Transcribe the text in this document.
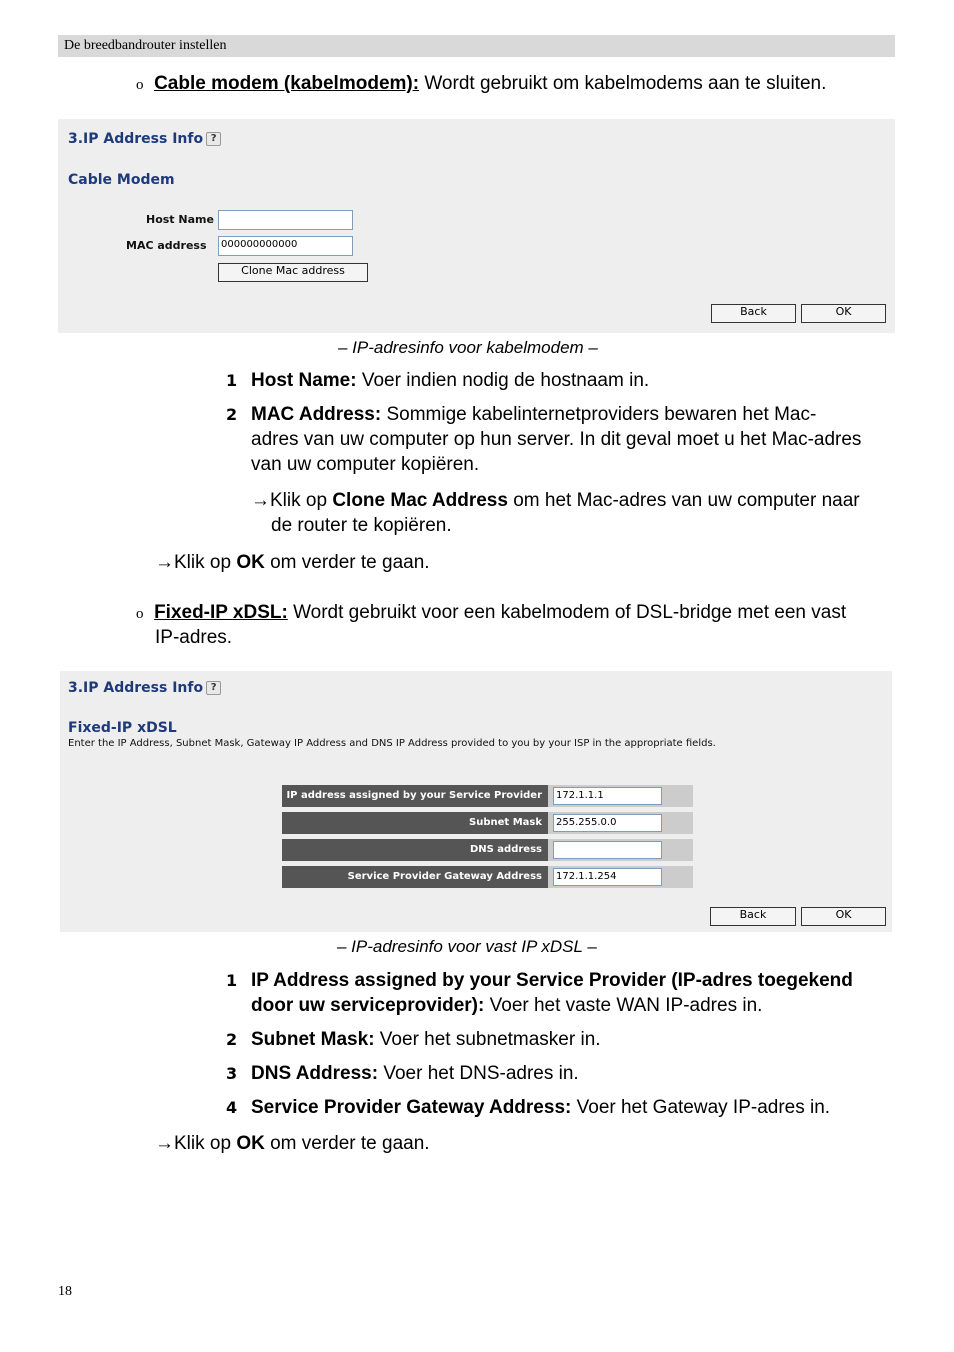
De breedbandrouter instellen
o Cable modem (kabelmodem): Wordt gebruikt om kabelmodems aan te sluiten.
3.IP Address Info ?
Cable Modem
Host Name
MAC address	000000000000
Clone Mac address
Back	OK
– IP-adresinfo voor kabelmodem –
1 Host Name: Voer indien nodig de hostnaam in.
2 MAC Address: Sommige kabelinternetproviders bewaren het Mac-
adres van uw computer op hun server. In dit geval moet u het Mac-adres
van uw computer kopiëren.
→Klik op Clone Mac Address om het Mac-adres van uw computer naar
de router te kopiëren.
→Klik op OK om verder te gaan.
o Fixed-IP xDSL: Wordt gebruikt voor een kabelmodem of DSL-bridge met een vast
IP-adres.
3.IP Address Info ?
Fixed-IP xDSL
Enter the IP Address, Subnet Mask, Gateway IP Address and DNS IP Address provided to you by your ISP in the appropriate fields.
IP address assigned by your Service Provider	172.1.1.1
Subnet Mask	255.255.0.0
DNS address
Service Provider Gateway Address	172.1.1.254
Back	OK
– IP-adresinfo voor vast IP xDSL –
1 IP Address assigned by your Service Provider (IP-adres toegekend
door uw serviceprovider): Voer het vaste WAN IP-adres in.
2 Subnet Mask: Voer het subnetmasker in.
3 DNS Address: Voer het DNS-adres in.
4 Service Provider Gateway Address: Voer het Gateway IP-adres in.
→Klik op OK om verder te gaan.
18
